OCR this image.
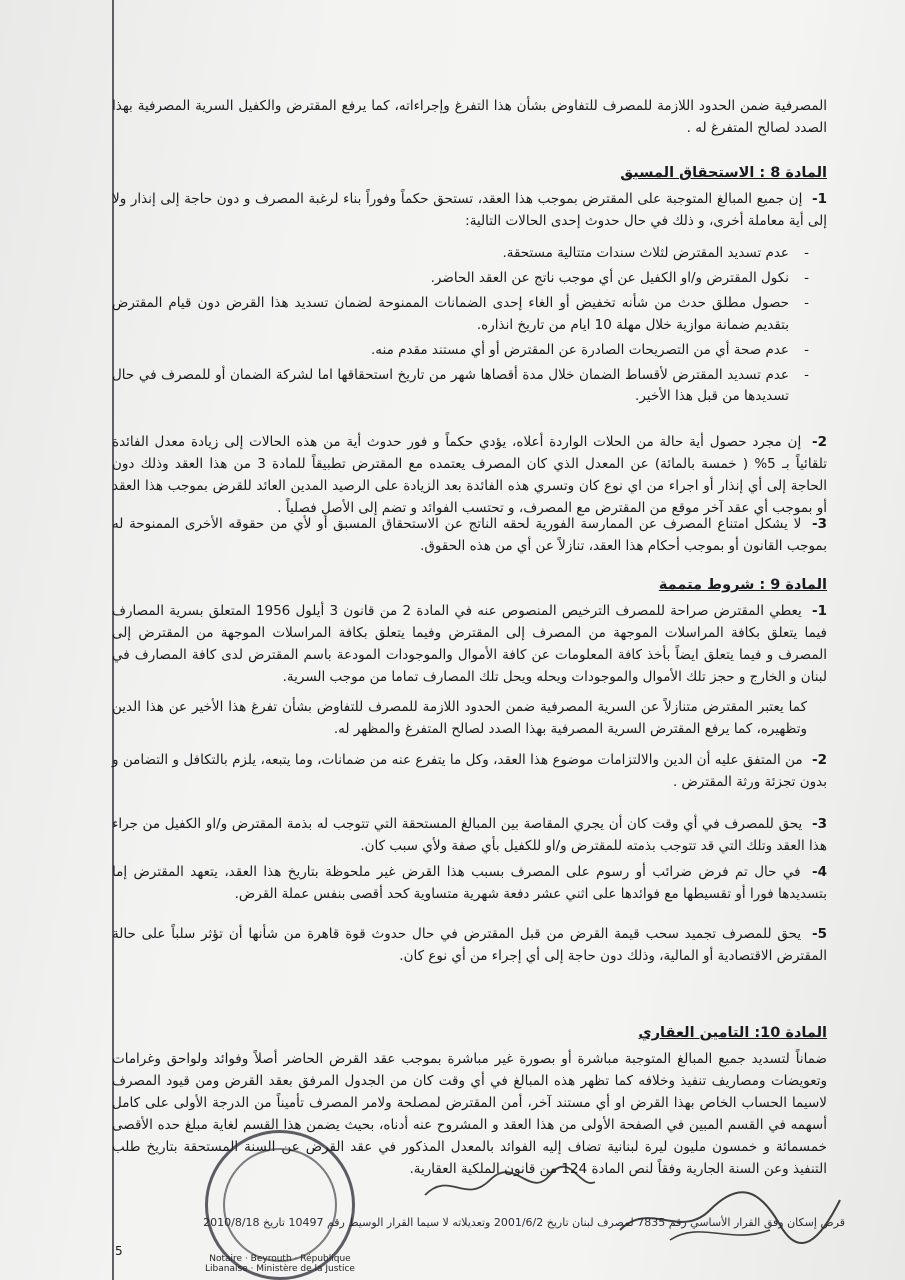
المصرفية ضمن الحدود اللازمة للمصرف للتفاوض بشأن هذا التفرغ وإجراءاته، كما يرفع المقترض والكفيل السرية المصرفية بهذا الصدد لصالح المتفرغ له .

المادة 8 : الاستحقاق المسبق

1- إن جميع المبالغ المتوجبة على المقترض بموجب هذا العقد، تستحق حكماً وفوراً بناء لرغبة المصرف و دون حاجة إلى إنذار ولا إلى أية معاملة أخرى، و ذلك في حال حدوث إحدى الحالات التالية:

- عدم تسديد المقترض لثلاث سندات متتالية مستحقة.
- نكول المقترض و/او الكفيل عن أي موجب ناتج عن العقد الحاضر.
- حصول مطلق حدث من شأنه تخفيض أو الغاء إحدى الضمانات الممنوحة لضمان تسديد هذا القرض دون قيام المقترض بتقديم ضمانة موازية خلال مهلة 10 ايام من تاريخ انذاره.
- عدم صحة أي من التصريحات الصادرة عن المقترض أو أي مستند مقدم منه.
- عدم تسديد المقترض لأقساط الضمان خلال مدة أقصاها شهر من تاريخ استحقاقها اما لشركة الضمان أو للمصرف في حال تسديدها من قبل هذا الأخير.

2- إن مجرد حصول أية حالة من الحلات الواردة أعلاه، يؤدي حكماً و فور حدوث أية من هذه الحالات إلى زيادة معدل الفائدة تلقائياً بـ 5% ( خمسة بالمائة) عن المعدل الذي كان المصرف يعتمده مع المقترض تطبيقاً للمادة 3 من هذا العقد وذلك دون الحاجة إلى أي إنذار أو اجراء من اي نوع كان وتسري هذه الفائدة بعد الزيادة على الرصيد المدين العائد للقرض بموجب هذا العقد أو بموجب أي عقد آخر موقع من المقترض مع المصرف، و تحتسب الفوائد و تضم إلى الأصل فصلياً .

3- لا يشكل امتناع المصرف عن الممارسة الفورية لحقه الناتج عن الاستحقاق المسبق أو لأي من حقوقه الأخرى الممنوحة له بموجب القانون أو بموجب أحكام هذا العقد، تنازلاً عن أي من هذه الحقوق.

المادة 9 : شروط متممة

1- يعطي المقترض صراحة للمصرف الترخيص المنصوص عنه في المادة 2 من قانون 3 أيلول 1956 المتعلق بسرية المصارف فيما يتعلق بكافة المراسلات الموجهة من المصرف إلى المقترض وفيما يتعلق بكافة المراسلات الموجهة من المقترض إلى المصرف و فيما يتعلق ايضاً بأخذ كافة المعلومات عن كافة الأموال والموجودات المودعة باسم المقترض لدى كافة المصارف في لبنان و الخارج و حجز تلك الأموال والموجودات ويحله ويحل تلك المصارف تماما من موجب السرية.

كما يعتبر المقترض متنازلاً عن السرية المصرفية ضمن الحدود اللازمة للمصرف للتفاوض بشأن تفرغ هذا الأخير عن هذا الدين وتظهيره، كما يرفع المقترض السرية المصرفية بهذا الصدد لصالح المتفرغ والمظهر له.

2- من المتفق عليه أن الدين والالتزامات موضوع هذا العقد، وكل ما يتفرع عنه من ضمانات، وما يتبعه، يلزم بالتكافل و التضامن و بدون تجزئة ورثة المقترض .

3- يحق للمصرف في أي وقت كان أن يجري المقاصة بين المبالغ المستحقة التي تتوجب له بذمة المقترض و/او الكفيل من جراء هذا العقد وتلك التي قد تتوجب بذمته للمقترض و/او للكفيل بأي صفة ولأي سبب كان.

4- في حال تم فرض ضرائب أو رسوم على المصرف بسبب هذا القرض غير ملحوظة بتاريخ هذا العقد، يتعهد المقترض إما بتسديدها فورا أو تقسيطها مع فوائدها على اثني عشر دفعة شهرية متساوية كحد أقصى بنفس عملة القرض.

5- يحق للمصرف تجميد سحب قيمة القرض من قبل المقترض في حال حدوث قوة قاهرة من شأنها أن تؤثر سلباً على حالة المقترض الاقتصادية أو المالية، وذلك دون حاجة إلى أي إجراء من أي نوع كان.

المادة 10: التامين العقاري

ضماناً لتسديد جميع المبالغ المتوجبة مباشرة أو بصورة غير مباشرة بموجب عقد القرض الحاضر أصلاً وفوائد ولواحق وغرامات وتعويضات ومصاريف تنفيذ وخلافه كما تظهر هذه المبالغ في أي وقت كان من الجدول المرفق بعقد القرض ومن قيود المصرف لاسيما الحساب الخاص بهذا القرض او أي مستند آخر، أمن المقترض لمصلحة ولامر المصرف تأميناً من الدرجة الأولى على كامل أسهمه في القسم المبين في الصفحة الأولى من هذا العقد و المشروح عنه أدناه، بحيث يضمن هذا القسم لغاية مبلغ حده الأقصى خمسمائة و خمسون مليون ليرة لبنانية تضاف إليه الفوائد بالمعدل المذكور في عقد القرض عن السنة المستحقة بتاريخ طلب التنفيذ وعن السنة الجارية وفقاً لنص المادة 124 من قانون الملكية العقارية.

Notaire · Beyrouth · République Libanaise · Ministère de la Justice
قرض إسكان وفق القرار الأساسي رقم 7835 لمصرف لبنان تاريخ 2001/6/2 وتعديلاته لا سيما القرار الوسيط رقم 10497 تاريخ 2010/8/18
5
